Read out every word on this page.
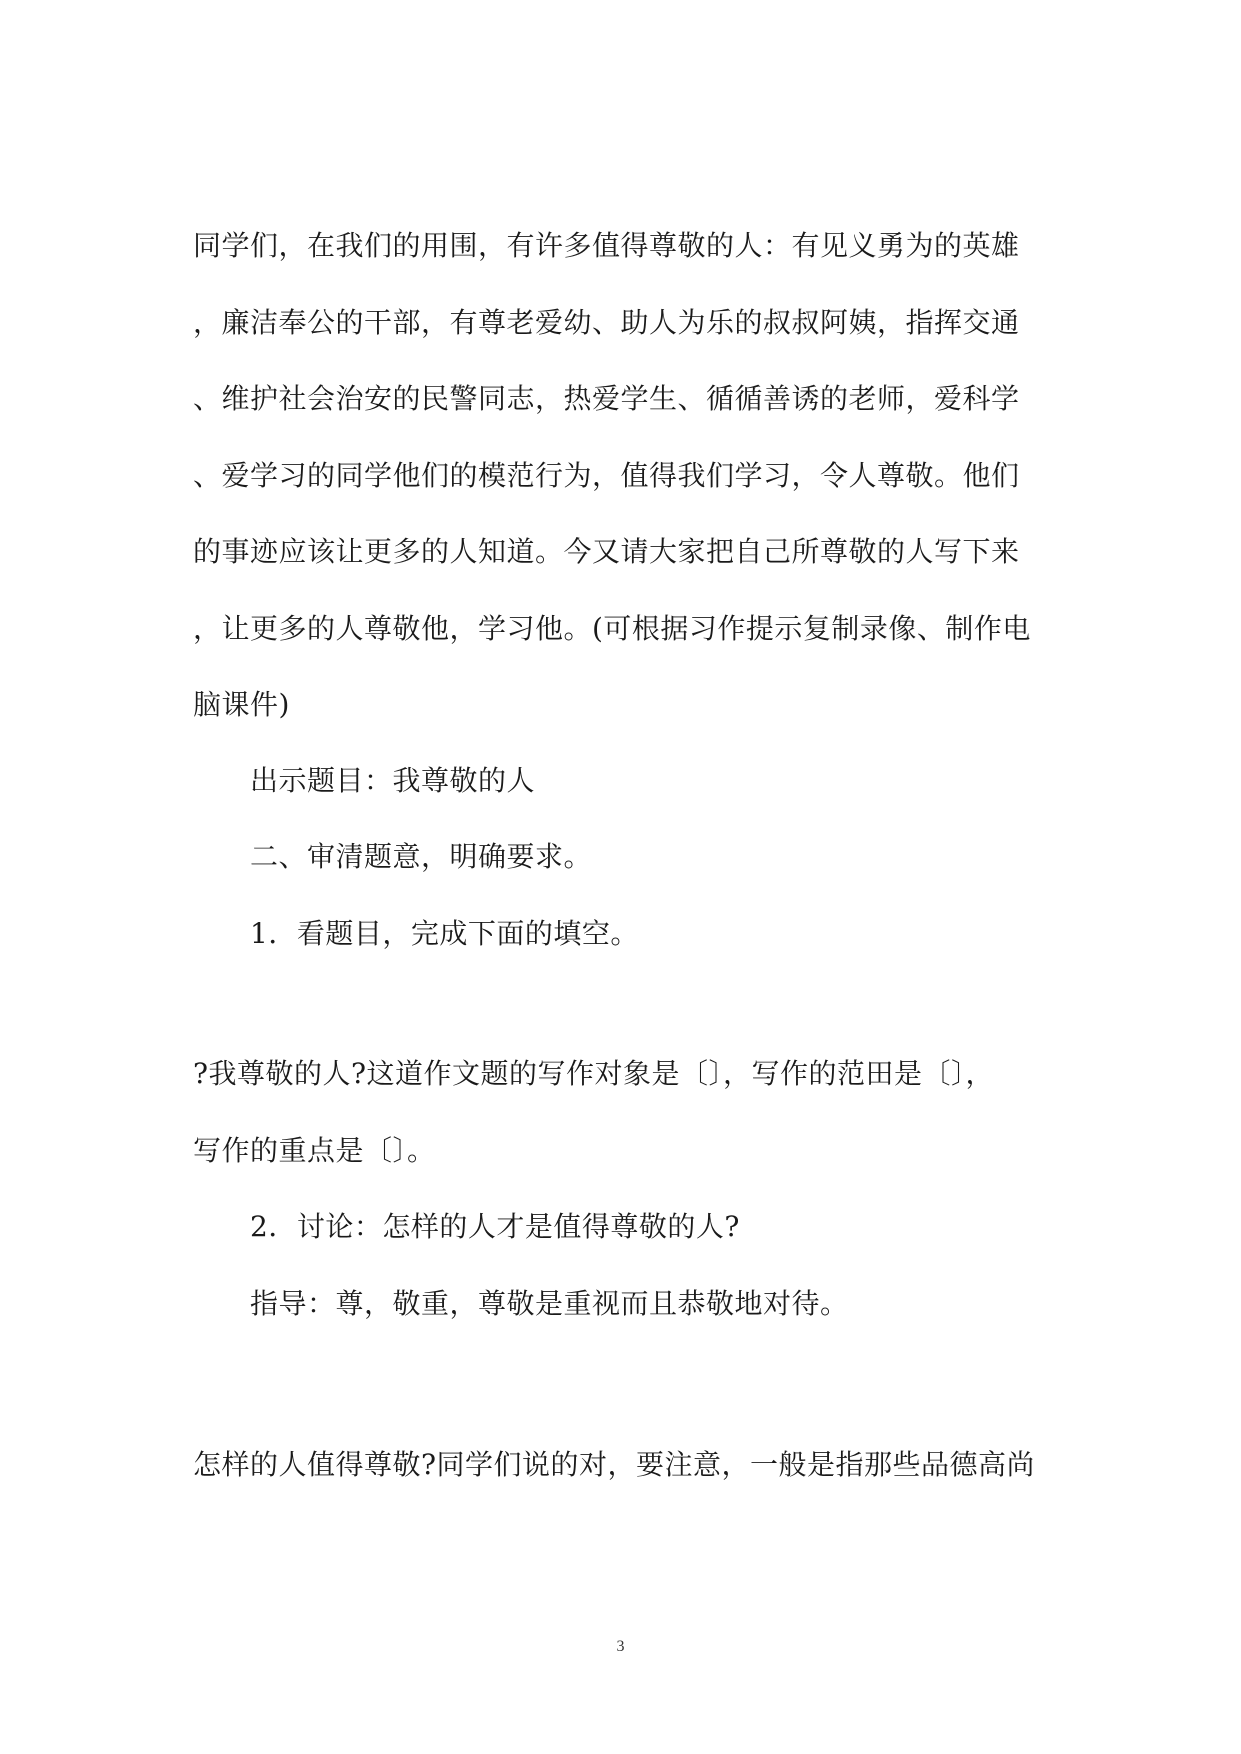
同学们，在我们的用围，有许多值得尊敬的人：有见义勇为的英雄
，廉洁奉公的干部，有尊老爱幼、助人为乐的叔叔阿姨，指挥交通
、维护社会治安的民警同志，热爱学生、循循善诱的老师，爱科学
、爱学习的同学他们的模范行为，值得我们学习，令人尊敬。他们
的事迹应该让更多的人知道。今又请大家把自己所尊敬的人写下来
，让更多的人尊敬他，学习他。(可根据习作提示复制录像、制作电
脑课件)
出示题目：我尊敬的人
二、审清题意，明确要求。
1．看题目，完成下面的填空。
?我尊敬的人?这道作文题的写作对象是〔〕，写作的范田是〔〕，
写作的重点是〔〕。
2．讨论：怎样的人才是值得尊敬的人?
指导：尊，敬重，尊敬是重视而且恭敬地对待。
怎样的人值得尊敬?同学们说的对，要注意，一般是指那些品德高尚
3
